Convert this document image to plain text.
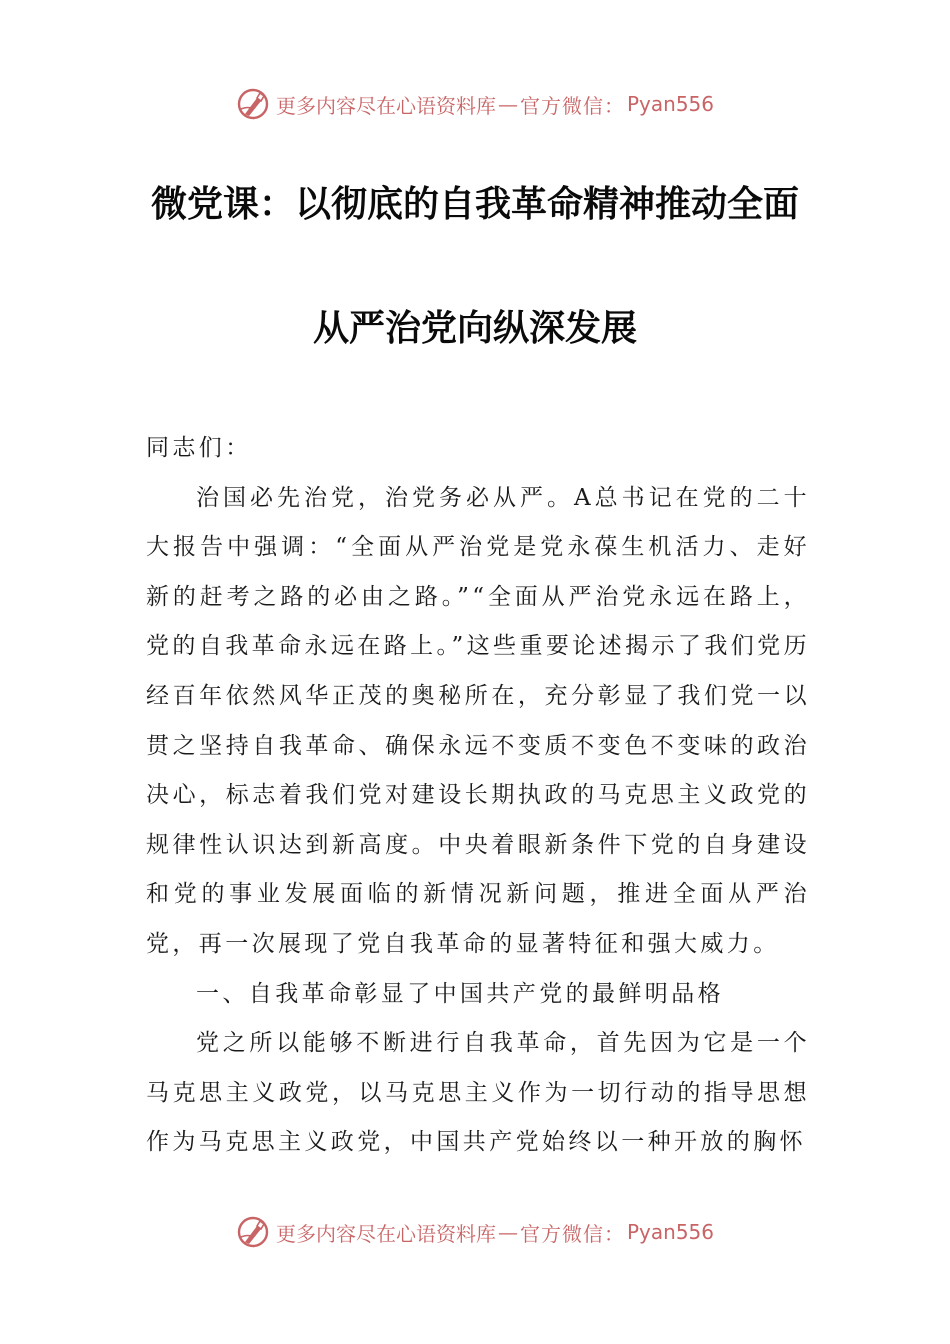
更多内容尽在心语资料库 — 官方微信： Pyan556
微党课：以彻底的自我革命精神推动全面
从严治党向纵深发展

同志们：

治国必先治党，治党务必从严。A总书记在党的二十大报告中强调：“全面从严治党是党永葆生机活力、走好新的赶考之路的必由之路。”“全面从严治党永远在路上，党的自我革命永远在路上。”这些重要论述揭示了我们党历经百年依然风华正茂的奥秘所在，充分彰显了我们党一以贯之坚持自我革命、确保永远不变质不变色不变味的政治决心，标志着我们党对建设长期执政的马克思主义政党的规律性认识达到新高度。中央着眼新条件下党的自身建设和党的事业发展面临的新情况新问题，推进全面从严治党，再一次展现了党自我革命的显著特征和强大威力。

一、自我革命彰显了中国共产党的最鲜明品格

党之所以能够不断进行自我革命，首先因为它是一个马克思主义政党，以马克思主义作为一切行动的指导思想作为马克思主义政党，中国共产党始终以一种开放的胸怀

更多内容尽在心语资料库 — 官方微信： Pyan556
